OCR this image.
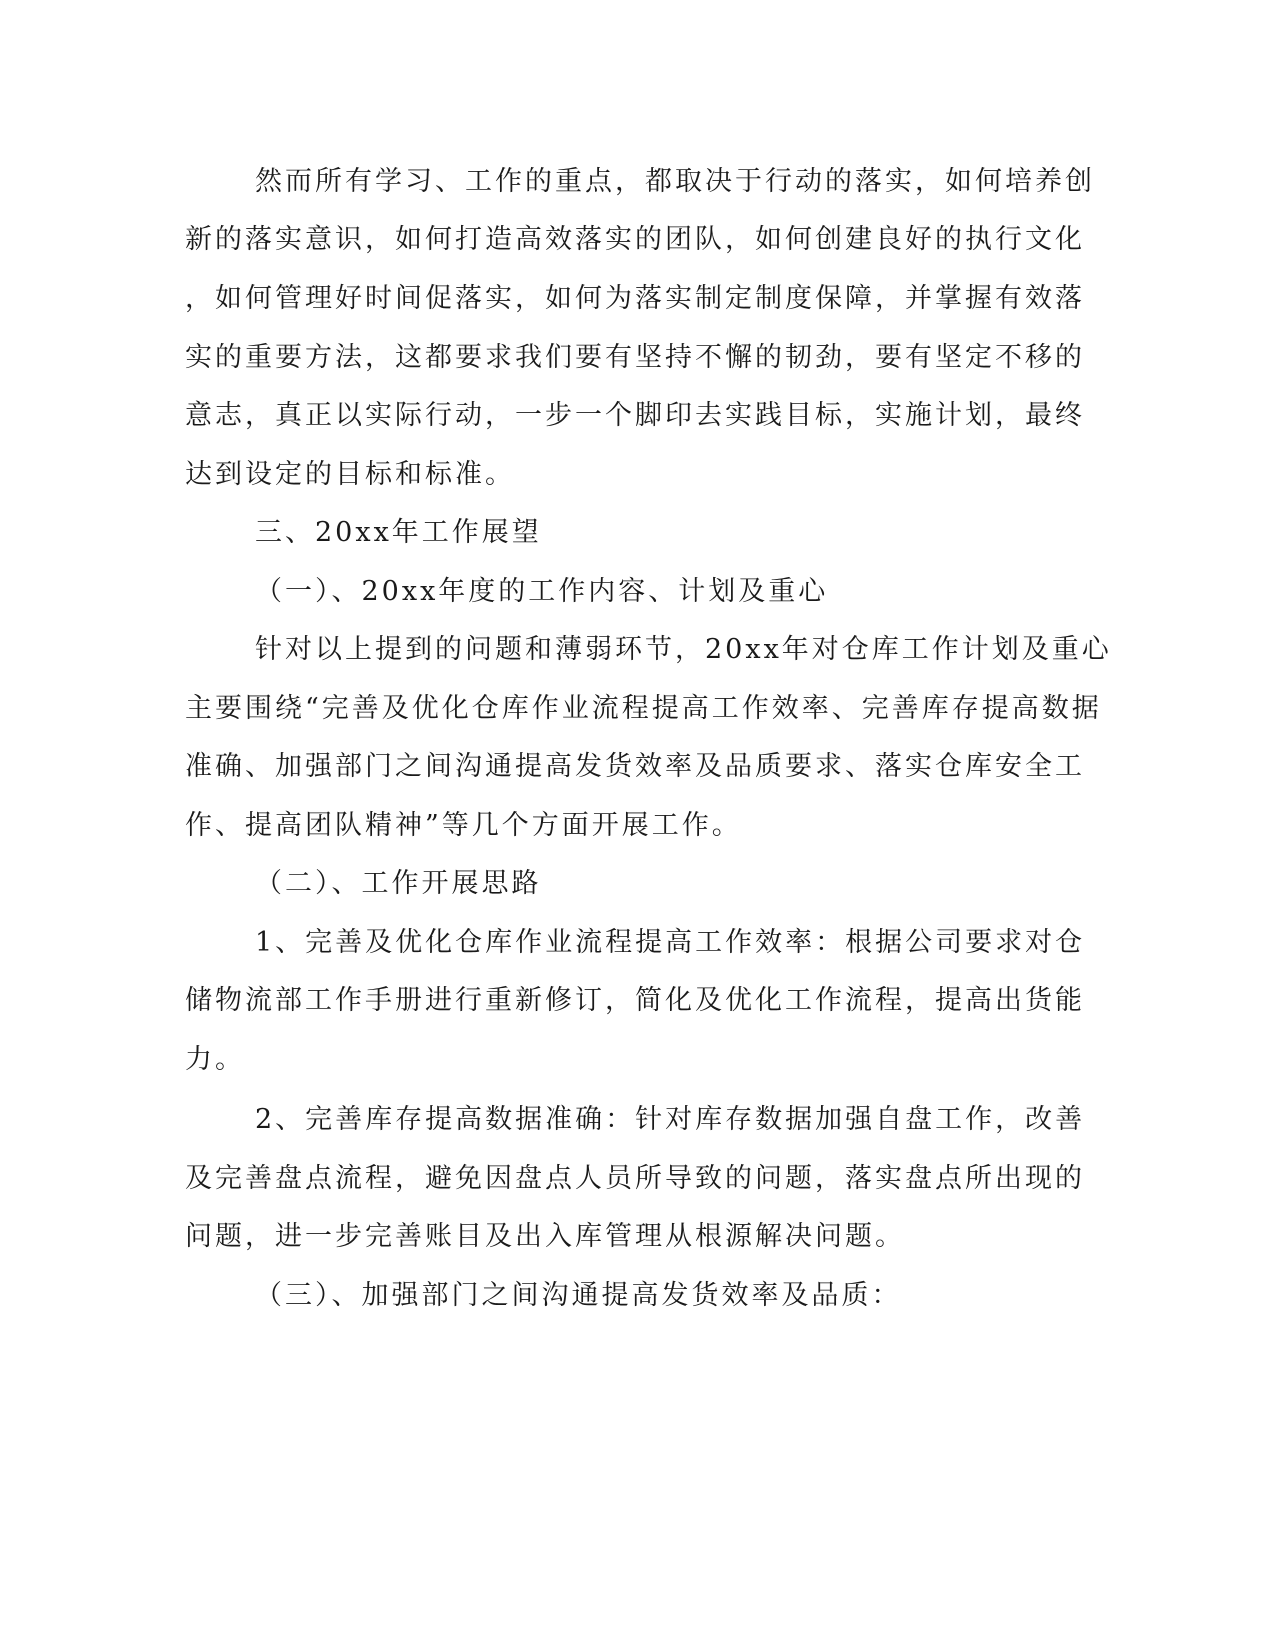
然而所有学习、工作的重点，都取决于行动的落实，如何培养创
新的落实意识，如何打造高效落实的团队，如何创建良好的执行文化
，如何管理好时间促落实，如何为落实制定制度保障，并掌握有效落
实的重要方法，这都要求我们要有坚持不懈的韧劲，要有坚定不移的
意志，真正以实际行动，一步一个脚印去实践目标，实施计划，最终
达到设定的目标和标准。
三、20xx年工作展望
（一）、20xx年度的工作内容、计划及重心
针对以上提到的问题和薄弱环节，20xx年对仓库工作计划及重心
主要围绕“完善及优化仓库作业流程提高工作效率、完善库存提高数据
准确、加强部门之间沟通提高发货效率及品质要求、落实仓库安全工
作、提高团队精神”等几个方面开展工作。
（二）、工作开展思路
1、完善及优化仓库作业流程提高工作效率：根据公司要求对仓
储物流部工作手册进行重新修订，简化及优化工作流程，提高出货能
力。
2、完善库存提高数据准确：针对库存数据加强自盘工作，改善
及完善盘点流程，避免因盘点人员所导致的问题，落实盘点所出现的
问题，进一步完善账目及出入库管理从根源解决问题。
（三）、加强部门之间沟通提高发货效率及品质：
